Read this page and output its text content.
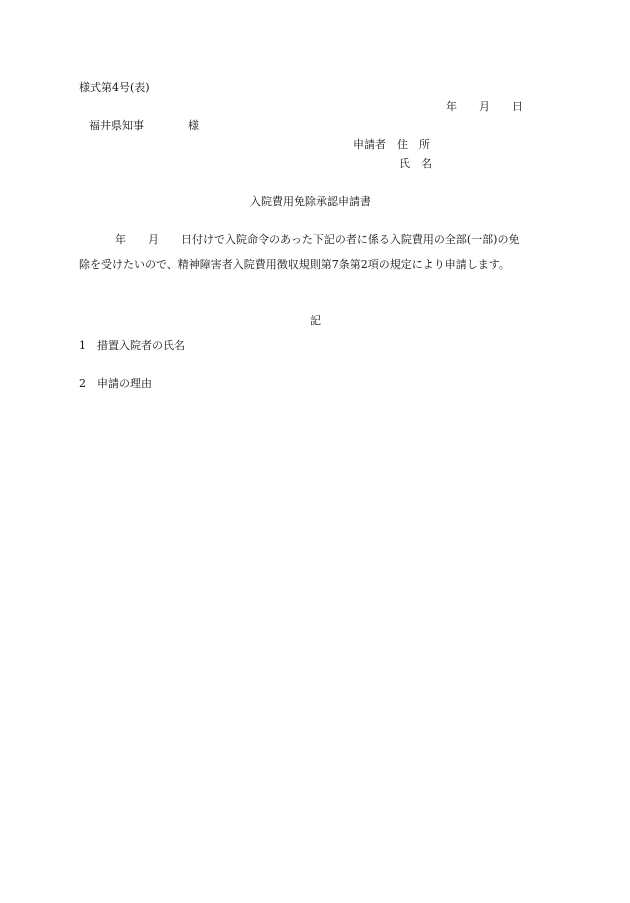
様式第4号(表)

年　　月　　日

福井県知事　　　　様

申請者　住　所

氏　名

入院費用免除承認申請書

年　　月　　日付けで入院命令のあった下記の者に係る入院費用の全部(一部)の免

除を受けたいので、精神障害者入院費用徴収規則第7条第2項の規定により申請します。

記

1　措置入院者の氏名

2　申請の理由
